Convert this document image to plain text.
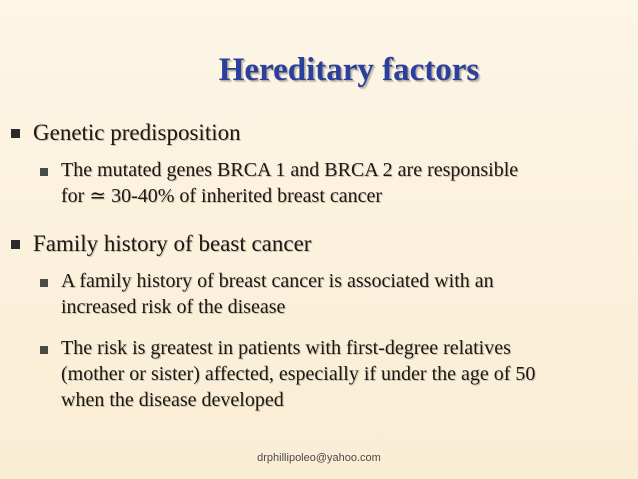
Hereditary factors
Genetic predisposition
The mutated genes BRCA 1 and BRCA 2 are responsible
for ≃ 30-40% of inherited breast cancer
Family history of beast cancer
A family history of breast cancer is associated with an
increased risk of the disease
The risk is greatest in patients with first-degree relatives
(mother or sister) affected, especially if under the age of 50
when the disease developed
drphillipoleo@yahoo.com
